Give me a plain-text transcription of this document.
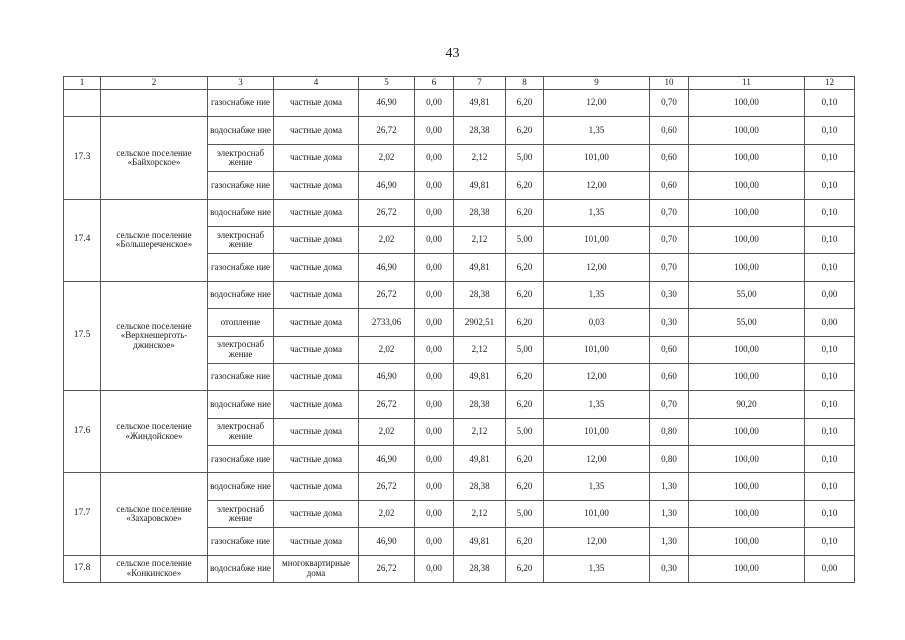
43
1	2	3	4	5	6	7	8	9	10	11	12
		газоснабже ние	частные дома	46,90	0,00	49,81	6,20	12,00	0,70	100,00	0,10
17.3	сельское поселение «Байхорское»	водоснабже ние	частные дома	26,72	0,00	28,38	6,20	1,35	0,60	100,00	0,10
		электроснаб жение	частные дома	2,02	0,00	2,12	5,00	101,00	0,60	100,00	0,10
		газоснабже ние	частные дома	46,90	0,00	49,81	6,20	12,00	0,60	100,00	0,10
17.4	сельское поселение «Большереченское»	водоснабже ние	частные дома	26,72	0,00	28,38	6,20	1,35	0,70	100,00	0,10
		электроснаб жение	частные дома	2,02	0,00	2,12	5,00	101,00	0,70	100,00	0,10
		газоснабже ние	частные дома	46,90	0,00	49,81	6,20	12,00	0,70	100,00	0,10
17.5	сельское поселение «Верхнешерготь-джинское»	водоснабже ние	частные дома	26,72	0,00	28,38	6,20	1,35	0,30	55,00	0,00
		отопление	частные дома	2733,06	0,00	2902,51	6,20	0,03	0,30	55,00	0,00
		электроснаб жение	частные дома	2,02	0,00	2,12	5,00	101,00	0,60	100,00	0,10
		газоснабже ние	частные дома	46,90	0,00	49,81	6,20	12,00	0,60	100,00	0,10
17.6	сельское поселение «Жиндойское»	водоснабже ние	частные дома	26,72	0,00	28,38	6,20	1,35	0,70	90,20	0,10
		электроснаб жение	частные дома	2,02	0,00	2,12	5,00	101,00	0,80	100,00	0,10
		газоснабже ние	частные дома	46,90	0,00	49,81	6,20	12,00	0,80	100,00	0,10
17.7	сельское поселение «Захаровское»	водоснабже ние	частные дома	26,72	0,00	28,38	6,20	1,35	1,30	100,00	0,10
		электроснаб жение	частные дома	2,02	0,00	2,12	5,00	101,00	1,30	100,00	0,10
		газоснабже ние	частные дома	46,90	0,00	49,81	6,20	12,00	1,30	100,00	0,10
17.8	сельское поселение «Конкинское»	водоснабже ние	многоквартирные дома	26,72	0,00	28,38	6,20	1,35	0,30	100,00	0,00
